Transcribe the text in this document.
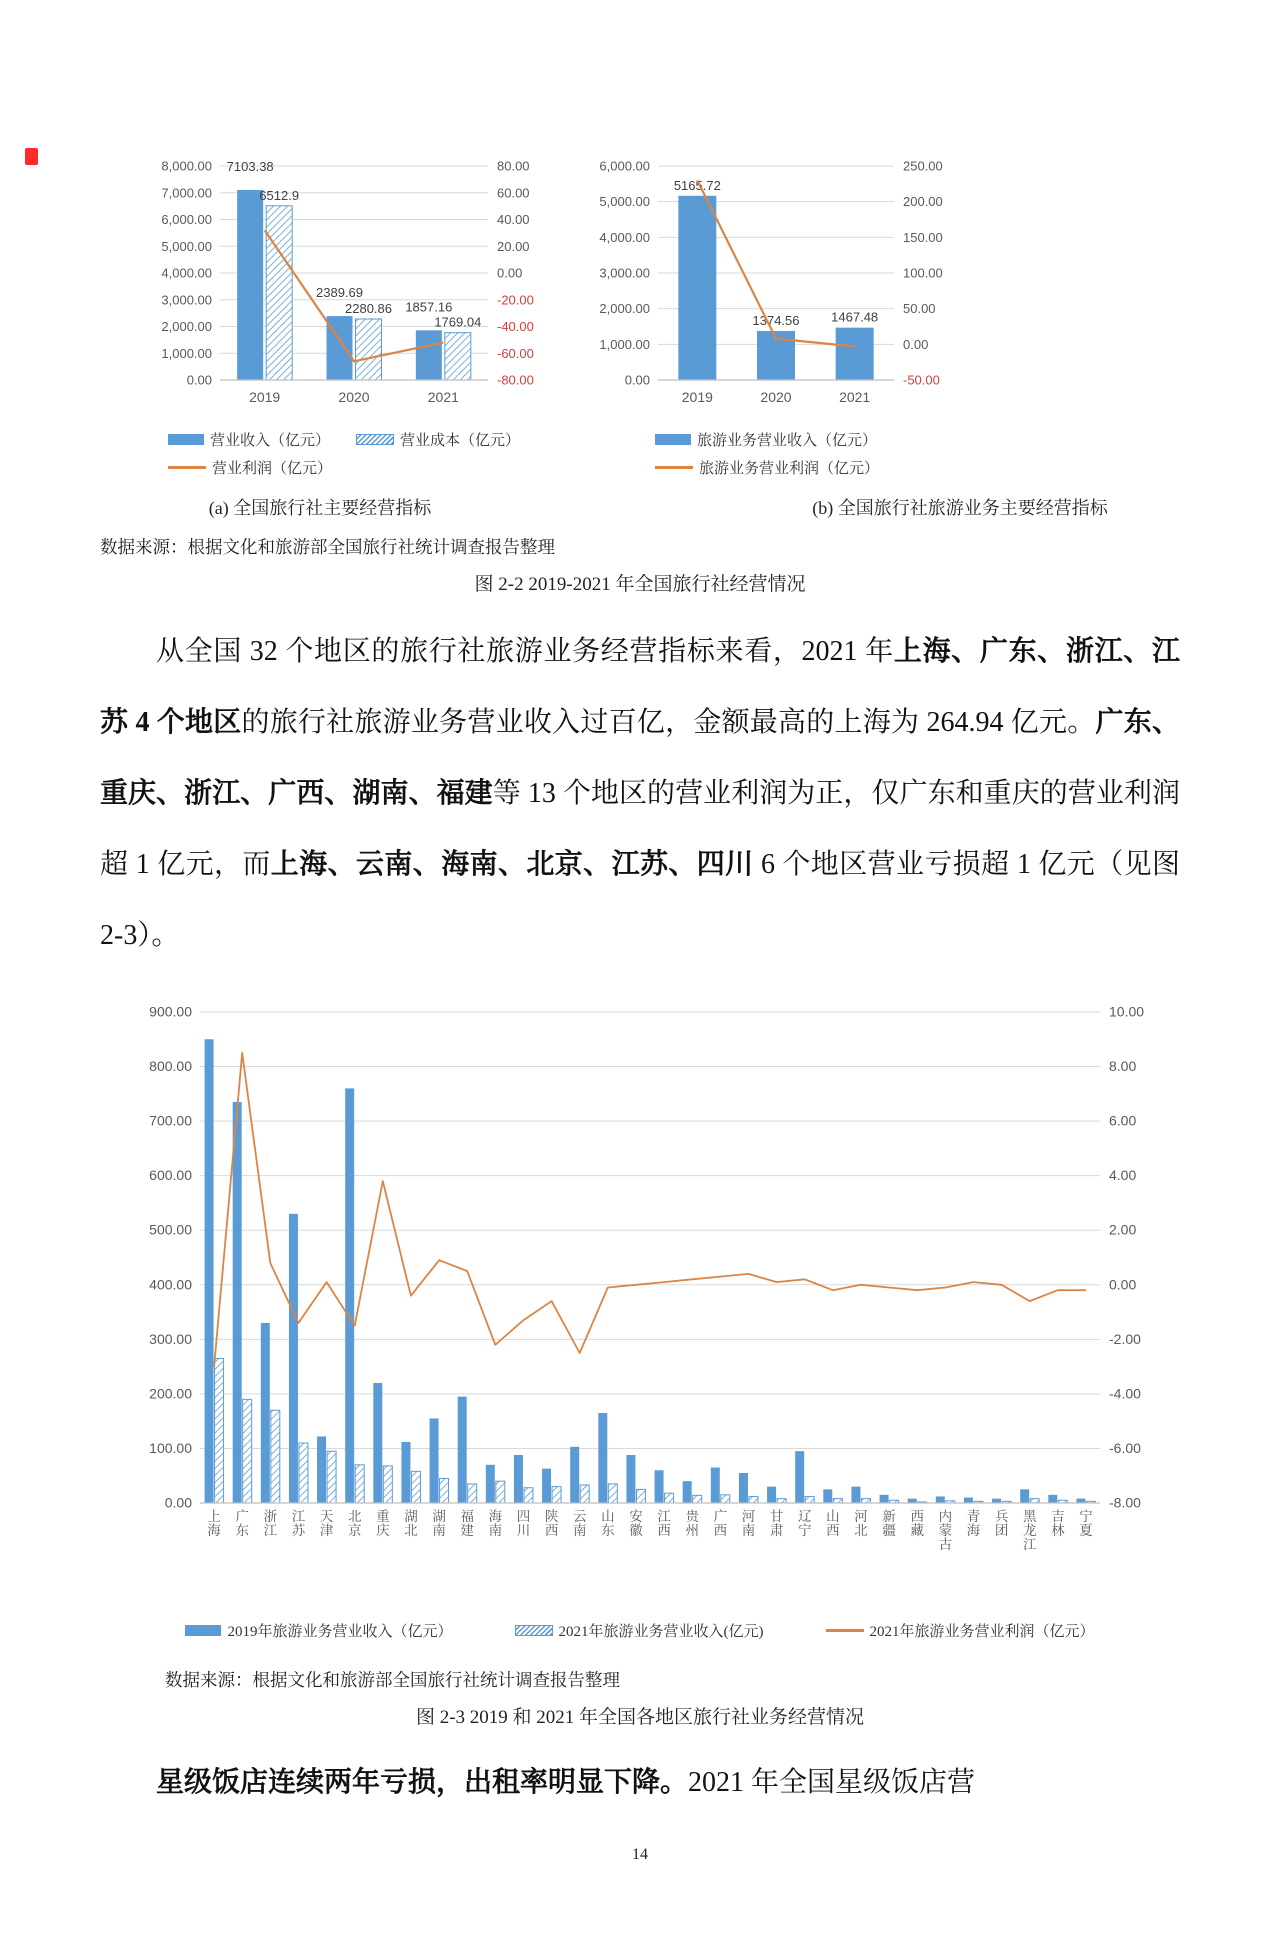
8,000.00
7,000.00
6,000.00
5,000.00
4,000.00
3,000.00
2,000.00
1,000.00
0.00
80.00
60.00
40.00
20.00
0.00
-20.00
-40.00
-60.00
-80.00
7103.38
2389.69
1857.16
6512.9
2280.86
1769.04
2019	2020	2021
营业收入（亿元）	营业成本（亿元）
营业利润（亿元）
6,000.00
5,000.00
4,000.00
3,000.00
2,000.00
1,000.00
0.00
250.00
200.00
150.00
100.00
50.00
0.00
-50.00
5165.72
1374.56 1467.48
2019	2020	2021
旅游业务营业收入（亿元）
旅游业务营业利润（亿元）
(a) 全国旅行社主要经营指标	(b) 全国旅行社旅游业务主要经营指标
数据来源：根据文化和旅游部全国旅行社统计调查报告整理
图 2-2 2019-2021 年全国旅行社经营情况
从全国 32 个地区的旅行社旅游业务经营指标来看，2021 年上海、广东、浙江、江苏 4 个地区的旅行社旅游业务营业收入过百亿，金额最高的上海为 264.94 亿元。广东、重庆、浙江、广西、湖南、福建等 13 个地区的营业利润为正，仅广东和重庆的营业利润超 1 亿元，而上海、云南、海南、北京、江苏、四川 6 个地区营业亏损超 1 亿元（见图 2-3）。
900.00
800.00
700.00
600.00
500.00
400.00
300.00
200.00
100.00
0.00
10.00
8.00
6.00
4.00
2.00
0.00
-2.00
-4.00
-6.00
-8.00
上海
广东
浙江
江苏
天津
北京
重庆
湖北
湖南
福建
海南
四川
陕西
云南
山东
安徽
江西
贵州
广西
河南
甘肃
辽宁
山西
河北
新疆
西藏
内蒙古
青海
兵团
黑龙江
吉林
宁夏
2019年旅游业务营业收入（亿元）	2021年旅游业务营业收入(亿元)	2021年旅游业务营业利润（亿元）
数据来源：根据文化和旅游部全国旅行社统计调查报告整理
图 2-3 2019 和 2021 年全国各地区旅行社业务经营情况
星级饭店连续两年亏损，出租率明显下降。2021 年全国星级饭店营
14
